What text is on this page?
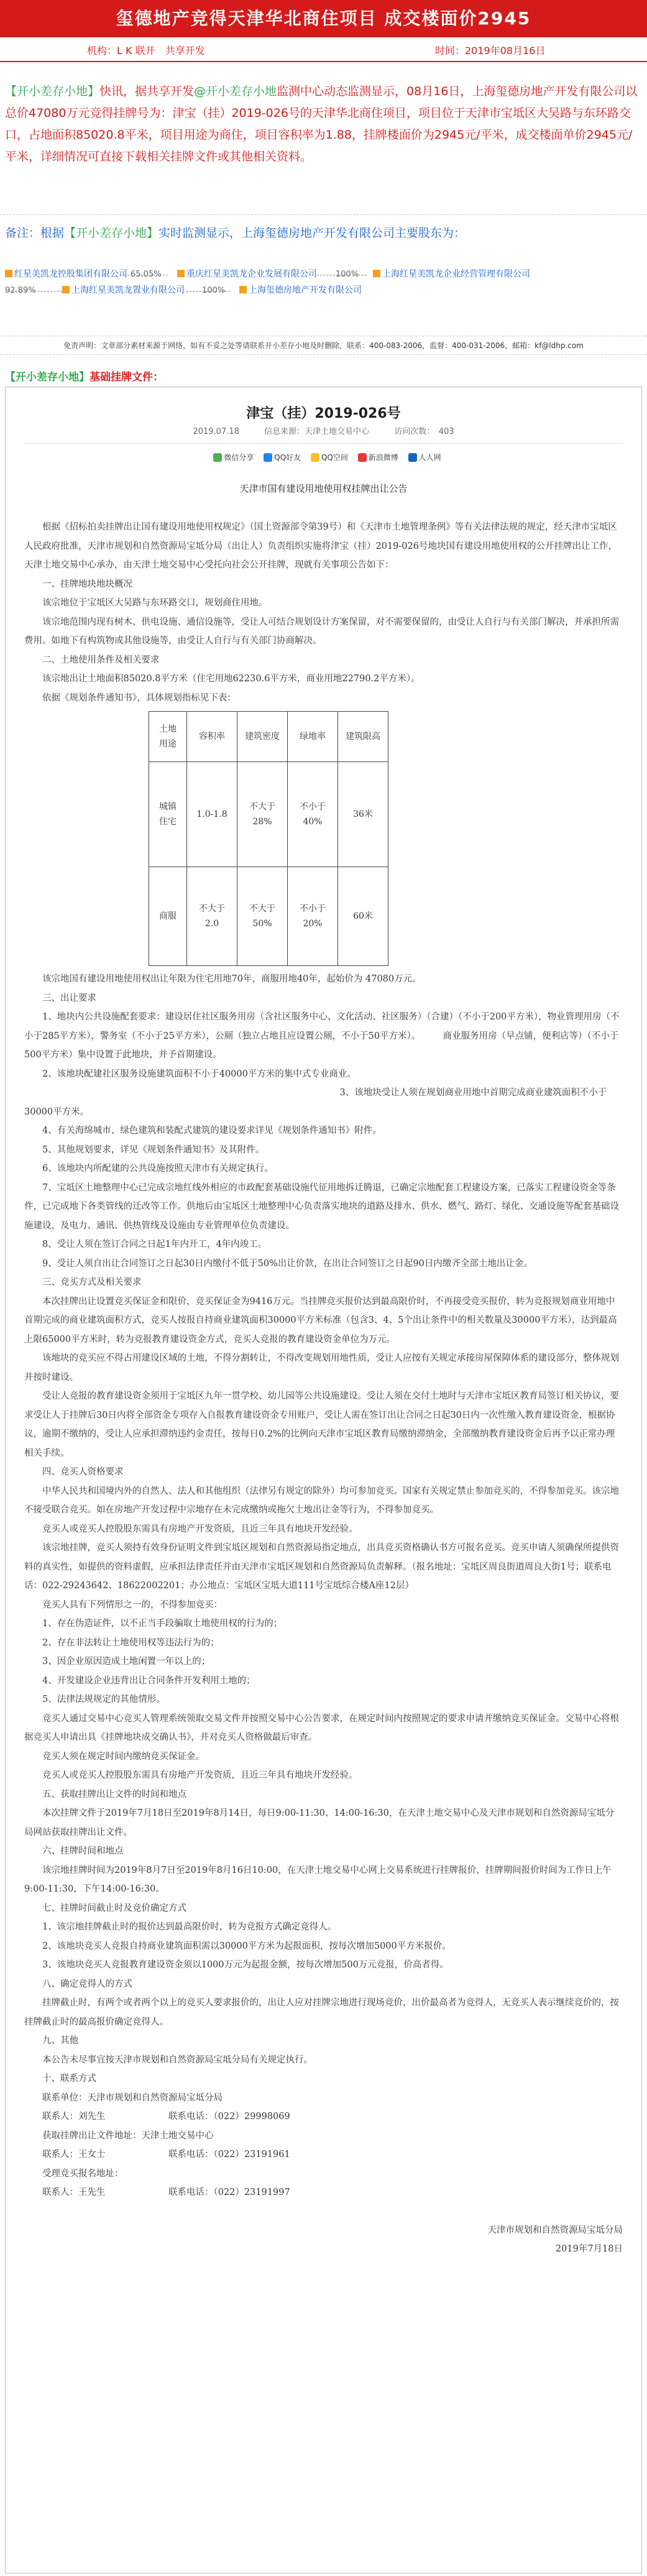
玺德地产竞得天津华北商住项目 成交楼面价2945
机构：L K 联开　共享开发	时间：2019年08月16日
【开小差存小地】快讯，据共享开发@开小差存小地监测中心动态监测显示，08月16日，上海玺德房地产开发有限公司以总价47080万元竞得挂牌号为：津宝（挂）2019-026号的天津华北商住项目，项目位于天津市宝坻区大吴路与东环路交口，占地面积85020.8平米，项目用途为商住，项目容积率为1.88，挂牌楼面价为2945元/平米，成交楼面单价2945元/平米，详细情况可直接下载相关挂牌文件或其他相关资料。
备注：根据【开小差存小地】实时监测显示，上海玺德房地产开发有限公司主要股东为：
红星美凯龙控股集团有限公司 65.05%	重庆红星美凯龙企业发展有限公司 100%	上海红星美凯龙企业经营管理有限公司
92.89%	上海红星美凯龙置业有限公司 100%	上海玺德房地产开发有限公司
免责声明：文章部分素材来源于网络，如有不妥之处等请联系开小差存小地及时删除，联系：400-083-2006，监督：400-031-2006，邮箱：kf@ldhp.com
【开小差存小地】基础挂牌文件：
津宝（挂）2019-026号
2019.07.18	信息来源：天津土地交易中心	访问次数：　403
微信分享	QQ好友	QQ空间	新浪微博	人人网
天津市国有建设用地使用权挂牌出让公告

根据《招标拍卖挂牌出让国有建设用地使用权规定》（国土资源部令第39号）和《天津市土地管理条例》等有关法律法规的规定，经天津市宝坻区人民政府批准，天津市规划和自然资源局宝坻分局（出让人）负责组织实施将津宝（挂）2019-026号地块国有建设用地使用权的公开挂牌出让工作，天津土地交易中心承办，由天津土地交易中心受托向社会公开挂牌，现就有关事项公告如下：

一、挂牌地块地块概况

该宗地位于宝坻区大吴路与东环路交口，规划商住用地。

该宗地范围内现有树木、供电设施、通信设施等，受让人可结合规划设计方案保留，对不需要保留的，由受让人自行与有关部门解决，并承担所需费用。如地下有构筑物或其他设施等，由受让人自行与有关部门协商解决。

二、土地使用条件及相关要求

该宗地出让土地面积85020.8平方米（住宅用地62230.6平方米，商业用地22790.2平方米）。

依据《规划条件通知书》，具体规划指标见下表：

土地用途	容积率	建筑密度	绿地率	建筑限高
城镇住宅	1.0-1.8	不大于28%	不小于40%	36米
商服	不大于2.0	不大于50%	不小于20%	60米

该宗地国有建设用地使用权出让年限为住宅用地70年，商服用地40年，起始价为 47080万元。

三、出让要求

1、地块内公共设施配套要求：建设居住社区服务用房（含社区服务中心、文化活动、社区服务）（合建）（不小于200平方米），物业管理用房（不小于285平方米），警务室（不小于25平方米），公厕（独立占地且应设置公厕，不小于50平方米）。　　　商业服务用房（早点铺，便利店等）（不小于500平方米）集中设置于此地块，并予首期建设。

2、该地块配建社区服务设施建筑面积不小于40000平方米的集中式专业商业。

　　　　　　　　　　　　　　　　　　　　　　　　　　　　　　　　　3、该地块受让人须在规划商业用地中首期完成商业建筑面积不小于30000平方米。

4、有关海绵城市、绿色建筑和装配式建筑的建设要求详见《规划条件通知书》附件。

5、其他规划要求，详见《规划条件通知书》及其附件。

6、该地块内所配建的公共设施按照天津市有关规定执行。

7、宝坻区土地整理中心已完成宗地红线外相应的市政配套基础设施代征用地拆迁腾退，已确定宗地配套工程建设方案，已落实工程建设资金等条件，已完成地下各类管线的迁改等工作。供地后由宝坻区土地整理中心负责落实地块的道路及排水、供水、燃气、路灯、绿化、交通设施等配套基础设施建设，及电力、通讯、供热管线及设施由专业管理单位负责建设。

8、受让人须在签订合同之日起1年内开工，4年内竣工。

9、受让人须自出让合同签订之日起30日内缴付不低于50%出让价款，在出让合同签订之日起90日内缴齐全部土地出让金。

三、竞买方式及相关要求

本次挂牌出让设置竞买保证金和限价，竞买保证金为9416万元。当挂牌竞买报价达到最高限价时，不再接受竞买报价，转为竞报规划商业用地中首期完成的商业建筑面积方式，竞买人按报自持商业建筑面积30000平方米标准（包含3、4、5个出让条件中的相关数量及30000平方米），达到最高上限65000平方米时，转为竞报教育建设资金方式，竞买人竞报的教育建设资金单位为万元。

该地块的竞买应不得占用建设区域的土地，不得分割转让，不得改变规划用地性质，受让人应按有关规定承接房屋保障体系的建设部分，整体规划并按时建设。

受让人竞报的教育建设资金须用于宝坻区九年一贯学校、幼儿园等公共设施建设。受让人须在交付土地时与天津市宝坻区教育局签订相关协议，要求受让人于挂牌后30日内将全部资金专项存入自报教育建设资金专用账户，受让人需在签订出让合同之日起30日内一次性缴入教育建设资金，根据协议，逾期不缴纳的，受让人应承担滞纳违约金责任，按每日0.2%的比例向天津市宝坻区教育局缴纳滞纳金，全部缴纳教育建设资金后再予以正常办理相关手续。

四、竞买人资格要求

中华人民共和国境内外的自然人、法人和其他组织（法律另有规定的除外）均可参加竞买。国家有关规定禁止参加竞买的，不得参加竞买。该宗地不接受联合竞买。如在房地产开发过程中宗地存在未完成缴纳或拖欠土地出让金等行为，不得参加竞买。

竞买人或竞买人控股股东需具有房地产开发资质，且近三年具有地块开发经验。

该宗地挂牌，竞买人须持有效身份证明文件到宝坻区规划和自然资源局指定地点，出具竞买资格确认书方可报名竞买。竞买申请人须确保所提供资料的真实性，如提供的资料虚假，应承担法律责任并由天津市宝坻区规划和自然资源局负责解释。（报名地址：宝坻区周良街道周良大街1号；联系电话：022-29243642、18622002201；办公地点：宝坻区宝坻大道111号宝坻综合楼A座12层）

竞买人具有下列情形之一的，不得参加竞买：

1、存在伪造证件，以不正当手段骗取土地使用权的行为的；

2、存在非法转让土地使用权等违法行为的；

3、因企业原因造成土地闲置一年以上的；

4、开发建设企业违背出让合同条件开发利用土地的；

5、法律法规规定的其他情形。

竞买人通过交易中心竞买人管理系统领取交易文件并按照交易中心公告要求，在规定时间内按照规定的要求申请并缴纳竞买保证金。交易中心将根据竞买人申请出具《挂牌地块成交确认书》，并对竞买人资格做最后审查。

竞买人须在规定时间内缴纳竞买保证金。

竞买人或竞买人控股股东需具有房地产开发资质，且近三年具有地块开发经验。

五、获取挂牌出让文件的时间和地点

本次挂牌文件于2019年7月18日至2019年8月14日，每日9:00-11:30、14:00-16:30，在天津土地交易中心及天津市规划和自然资源局宝坻分局网站获取挂牌出让文件。

六、挂牌时间和地点

该宗地挂牌时间为2019年8月7日至2019年8月16日10:00，在天津土地交易中心网上交易系统进行挂牌报价，挂牌期间报价时间为工作日上午9:00-11:30，下午14:00-16:30。

七、挂牌时间截止时及竞价确定方式

1、该宗地挂牌截止时的报价达到最高限价时，转为竞报方式确定竞得人。

2、该地块竞买人竞报自持商业建筑面积需以30000平方米为起报面积，按每次增加5000平方米报价。

3、该地块竞买人竞报教育建设资金须以1000万元为起报金额，按每次增加500万元竞报，价高者得。

八、确定竞得人的方式

挂牌截止时，有两个或者两个以上的竞买人要求报价的，出让人应对挂牌宗地进行现场竞价，出价最高者为竞得人，无竞买人表示继续竞价的，按挂牌截止时的最高报价确定竞得人。

九、其他

本公告未尽事宜按天津市规划和自然资源局宝坻分局有关规定执行。

十、联系方式

联系单位：天津市规划和自然资源局宝坻分局

联系人：刘先生　　　　　　　联系电话：（022）29998069

获取挂牌出让文件地址：天津土地交易中心

联系人：王女士　　　　　　　联系电话：（022）23191961

受理竞买报名地址：

联系人：王先生　　　　　　　联系电话：（022）23191997

天津市规划和自然资源局宝坻分局

2019年7月18日
